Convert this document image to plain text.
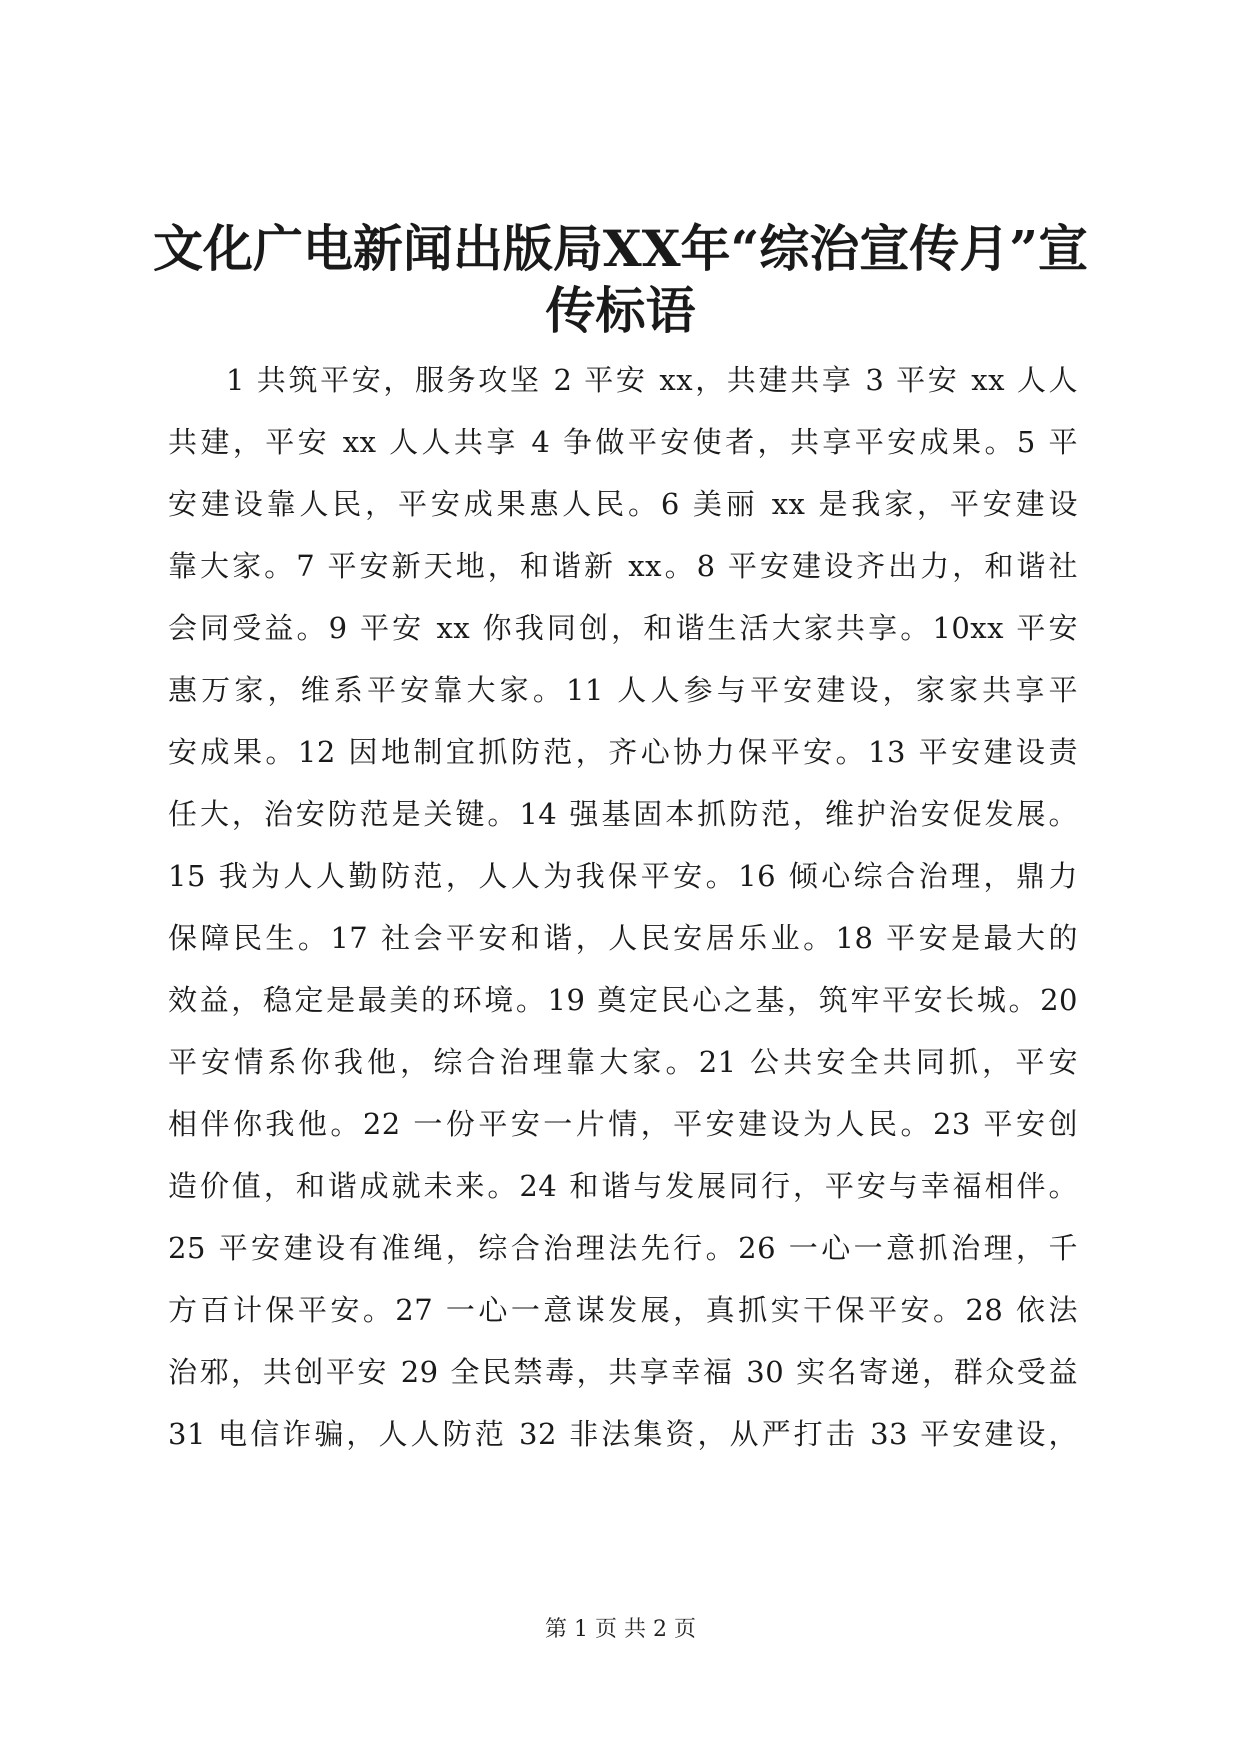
文化广电新闻出版局XX年“综治宣传月”宣
传标语
1 共筑平安，服务攻坚 2 平安 xx，共建共享 3 平安 xx 人人
共建，平安 xx 人人共享 4 争做平安使者，共享平安成果。5 平
安建设靠人民，平安成果惠人民。6 美丽 xx 是我家，平安建设
靠大家。7 平安新天地，和谐新 xx。8 平安建设齐出力，和谐社
会同受益。9 平安 xx 你我同创，和谐生活大家共享。10xx 平安
惠万家，维系平安靠大家。11 人人参与平安建设，家家共享平
安成果。12 因地制宜抓防范，齐心协力保平安。13 平安建设责
任大，治安防范是关键。14 强基固本抓防范，维护治安促发展。
15 我为人人勤防范，人人为我保平安。16 倾心综合治理，鼎力
保障民生。17 社会平安和谐，人民安居乐业。18 平安是最大的
效益，稳定是最美的环境。19 奠定民心之基，筑牢平安长城。20
平安情系你我他，综合治理靠大家。21 公共安全共同抓，平安
相伴你我他。22 一份平安一片情，平安建设为人民。23 平安创
造价值，和谐成就未来。24 和谐与发展同行，平安与幸福相伴。
25 平安建设有准绳，综合治理法先行。26 一心一意抓治理，千
方百计保平安。27 一心一意谋发展，真抓实干保平安。28 依法
治邪，共创平安 29 全民禁毒，共享幸福 30 实名寄递，群众受益
31 电信诈骗，人人防范 32 非法集资，从严打击 33 平安建设，
第 1 页 共 2 页
